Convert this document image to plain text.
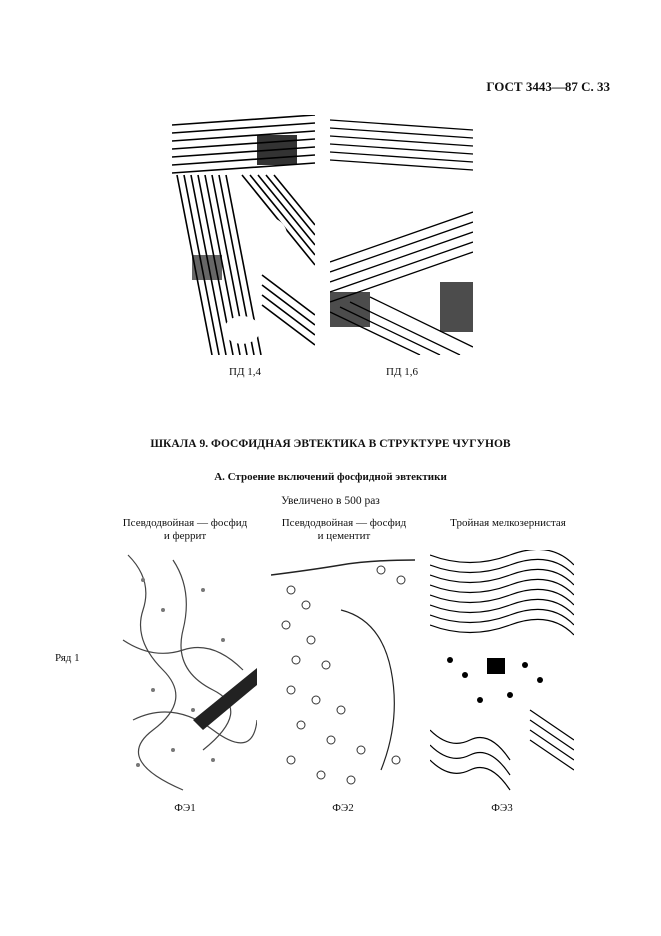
ГОСТ 3443—87 С. 33
ПД 1,4	ПД 1,6
ШКАЛА 9. ФОСФИДНАЯ ЭВТЕКТИКА В СТРУКТУРЕ ЧУГУНОВ
А. Строение включений фосфидной эвтектики
Увеличено в 500 раз
Псевдодвойная — фосфид
и феррит
Псевдодвойная — фосфид
и цементит
Тройная мелкозернистая
Ряд 1
ФЭ1	ФЭ2	ФЭ3
